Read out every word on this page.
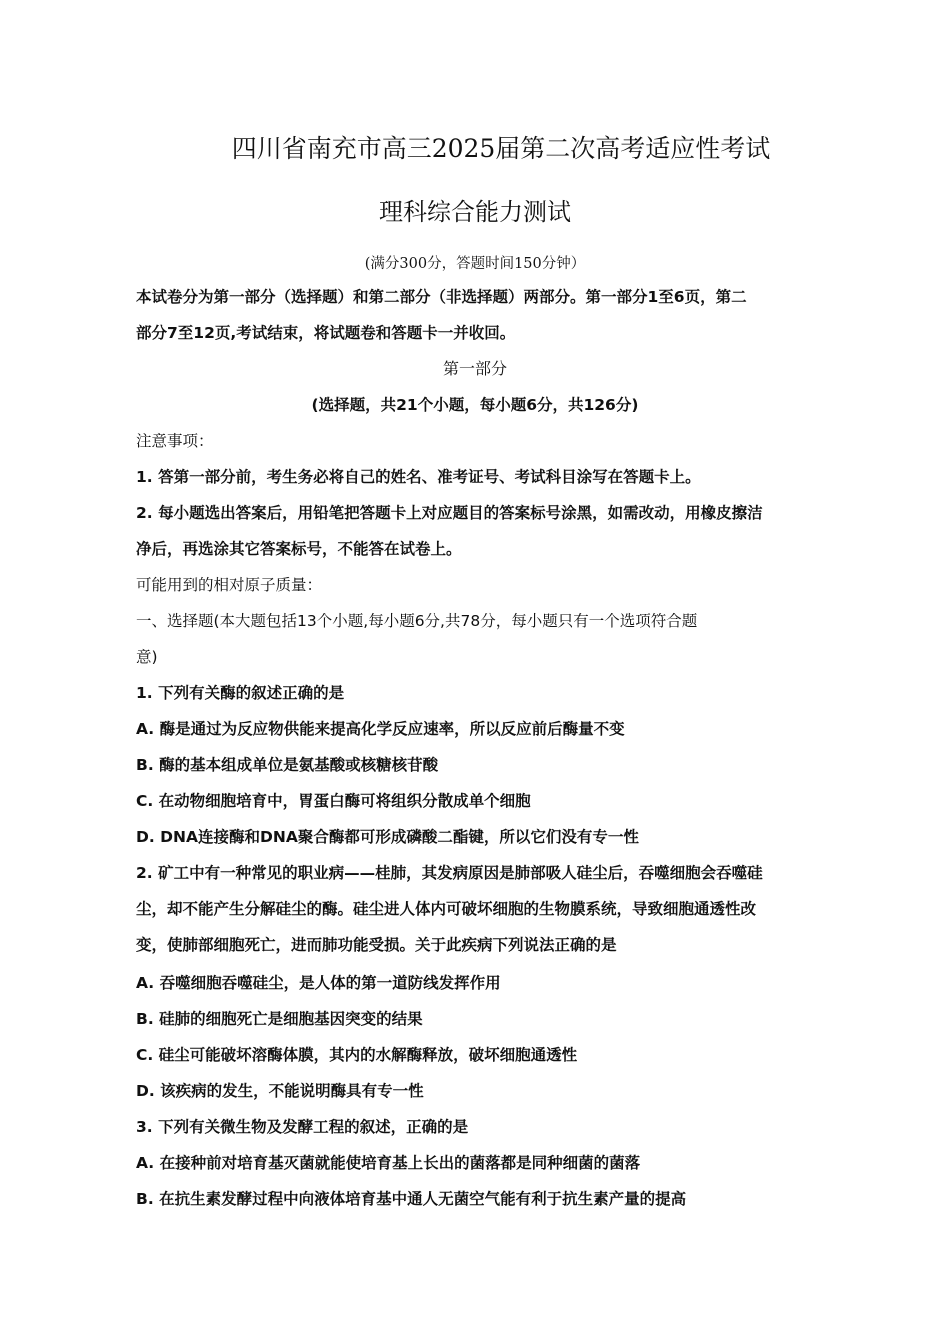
四川省南充市高三2025届第二次高考适应性考试
理科综合能力测试
(满分300分，答题时间150分钟）
本试卷分为第一部分（选择题）和第二部分（非选择题）两部分。第一部分1至6页，第二
部分7至12页,考试结束，将试题卷和答题卡一并收回。
第一部分
(选择题，共21个小题，每小题6分，共126分)
注意事项：
1. 答第一部分前，考生务必将自己的姓名、准考证号、考试科目涂写在答题卡上。
2. 每小题选出答案后，用铅笔把答题卡上对应题目的答案标号涂黑，如需改动，用橡皮擦洁
净后，再选涂其它答案标号，不能答在试卷上。
可能用到的相对原子质量：
一、选择题(本大题包括13个小题,每小题6分,共78分，每小题只有一个选项符合题
意)
1. 下列有关酶的叙述正确的是
A. 酶是通过为反应物供能来提高化学反应速率，所以反应前后酶量不变
B. 酶的基本组成单位是氨基酸或核糖核苷酸
C. 在动物细胞培育中，胃蛋白酶可将组织分散成单个细胞
D. DNA连接酶和DNA聚合酶都可形成磷酸二酯键，所以它们没有专一性
2. 矿工中有一种常见的职业病——桂肺，其发病原因是肺部吸人硅尘后，吞噬细胞会吞噬硅
尘，却不能产生分解硅尘的酶。硅尘进人体内可破坏细胞的生物膜系统，导致细胞通透性改
变，使肺部细胞死亡，进而肺功能受损。关于此疾病下列说法正确的是
A. 吞噬细胞吞噬硅尘，是人体的第一道防线发挥作用
B. 硅肺的细胞死亡是细胞基因突变的结果
C. 硅尘可能破坏溶酶体膜，其内的水解酶释放，破坏细胞通透性
D. 该疾病的发生，不能说明酶具有专一性
3. 下列有关微生物及发酵工程的叙述，正确的是
A. 在接种前对培育基灭菌就能使培育基上长出的菌落都是同种细菌的菌落
B. 在抗生素发酵过程中向液体培育基中通人无菌空气能有利于抗生素产量的提高
